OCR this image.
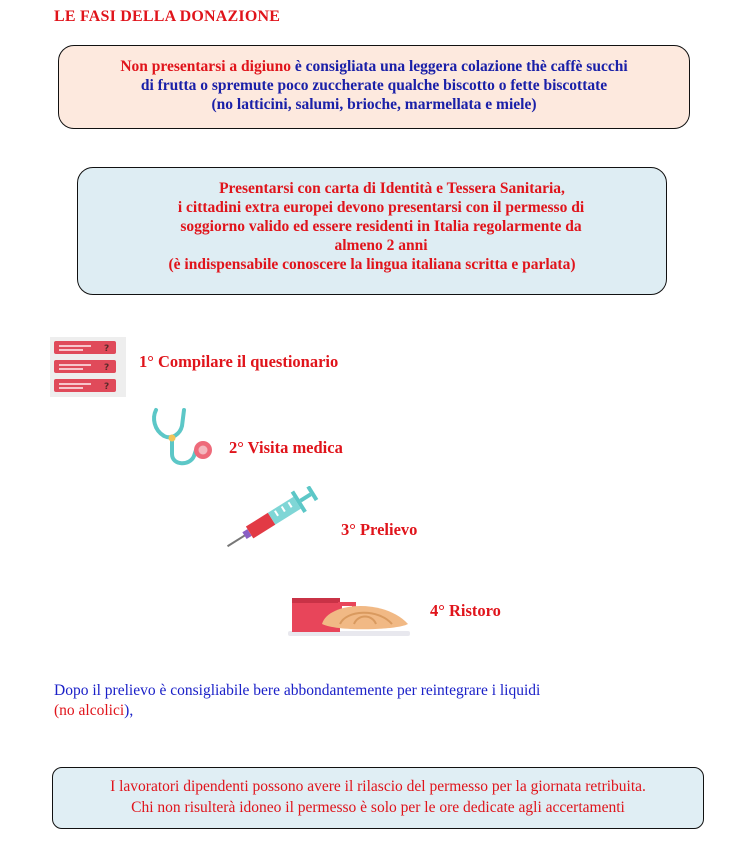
LE FASI DELLA DONAZIONE
Non presentarsi a digiuno è consigliata una leggera colazione thè caffè succhi
di frutta o spremute poco zuccherate qualche biscotto o fette biscottate
(no latticini, salumi, brioche, marmellata e miele)
Presentarsi con carta di Identità e Tessera Sanitaria,
i cittadini extra europei devono presentarsi con il permesso di
soggiorno valido ed essere residenti in Italia regolarmente da
almeno 2 anni
(è indispensabile conoscere la lingua italiana scritta e parlata)
?
?
?
1° Compilare il questionario
2° Visita medica
3° Prelievo
4° Ristoro
Dopo il prelievo è consigliabile bere abbondantemente per reintegrare i liquidi
(no alcolici),
I lavoratori dipendenti possono avere il rilascio del permesso per la giornata retribuita.
Chi non risulterà idoneo il permesso è solo per le ore dedicate agli accertamenti
